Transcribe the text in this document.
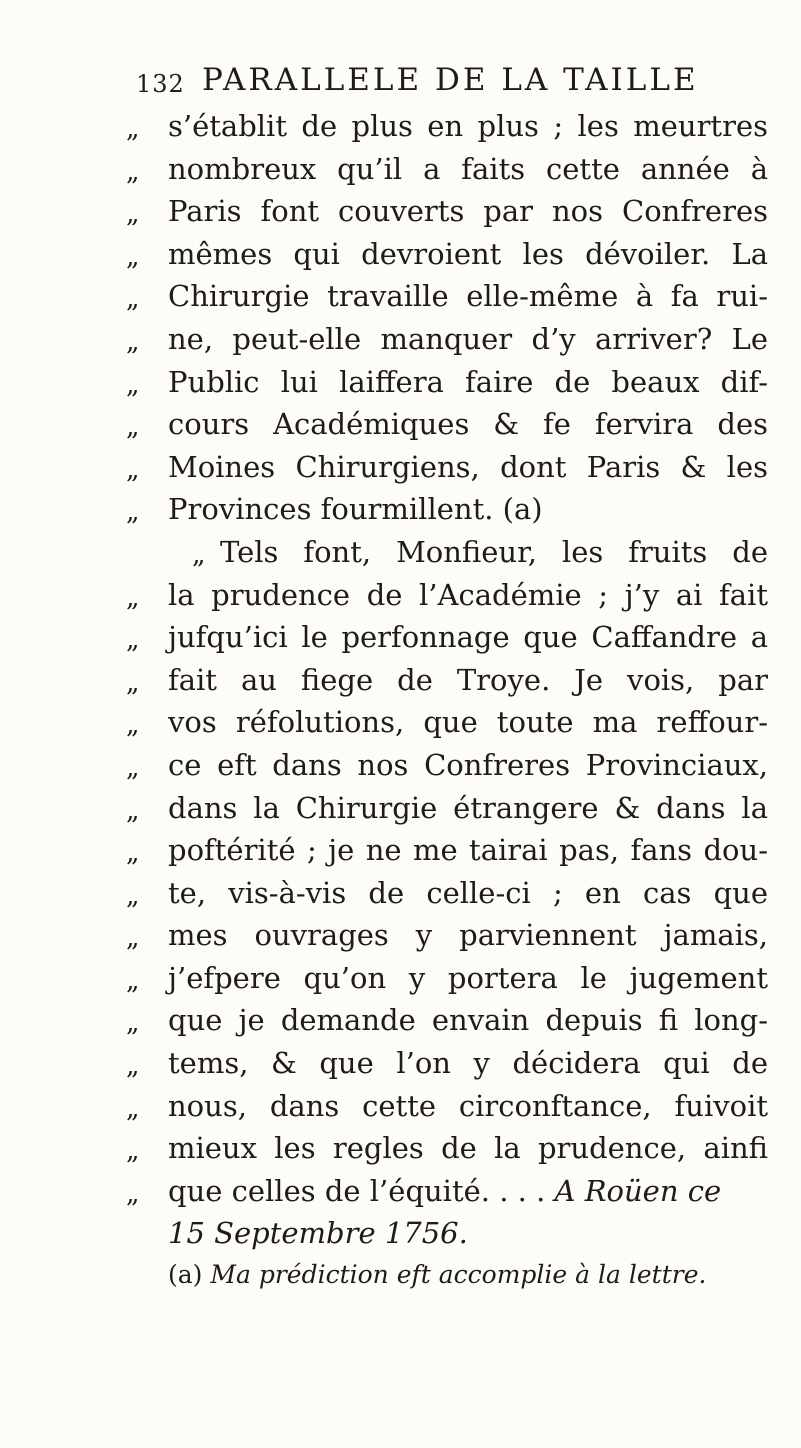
132 PARALLELE DE LA TAILLE
„ s’établit de plus en plus ; les meurtres
„ nombreux qu’il a faits cette année à
„ Paris font couverts par nos Confreres
„ mêmes qui devroient les dévoiler. La
„ Chirurgie travaille elle-même à fa rui-
„ ne, peut-elle manquer d’y arriver? Le
„ Public lui laiffera faire de beaux dif-
„ cours Académiques & fe fervira des
„ Moines Chirurgiens, dont Paris & les
„ Provinces fourmillent. (a)
„ Tels font, Monfieur, les fruits de
„ la prudence de l’Académie ; j’y ai fait
„ jufqu’ici le perfonnage que Caffandre a
„ fait au fiege de Troye. Je vois, par
„ vos réfolutions, que toute ma reffour-
„ ce eft dans nos Confreres Provinciaux,
„ dans la Chirurgie étrangere & dans la
„ poftérité ; je ne me tairai pas, fans dou-
„ te, vis-à-vis de celle-ci ; en cas que
„ mes ouvrages y parviennent jamais,
„ j’efpere qu’on y portera le jugement
„ que je demande envain depuis fi long-
„ tems, & que l’on y décidera qui de
„ nous, dans cette circonftance, fuivoit
„ mieux les regles de la prudence, ainfi
„ que celles de l’équité. . . . A Roüen ce
15 Septembre 1756.
(a) Ma prédiction eft accomplie à la lettre.
